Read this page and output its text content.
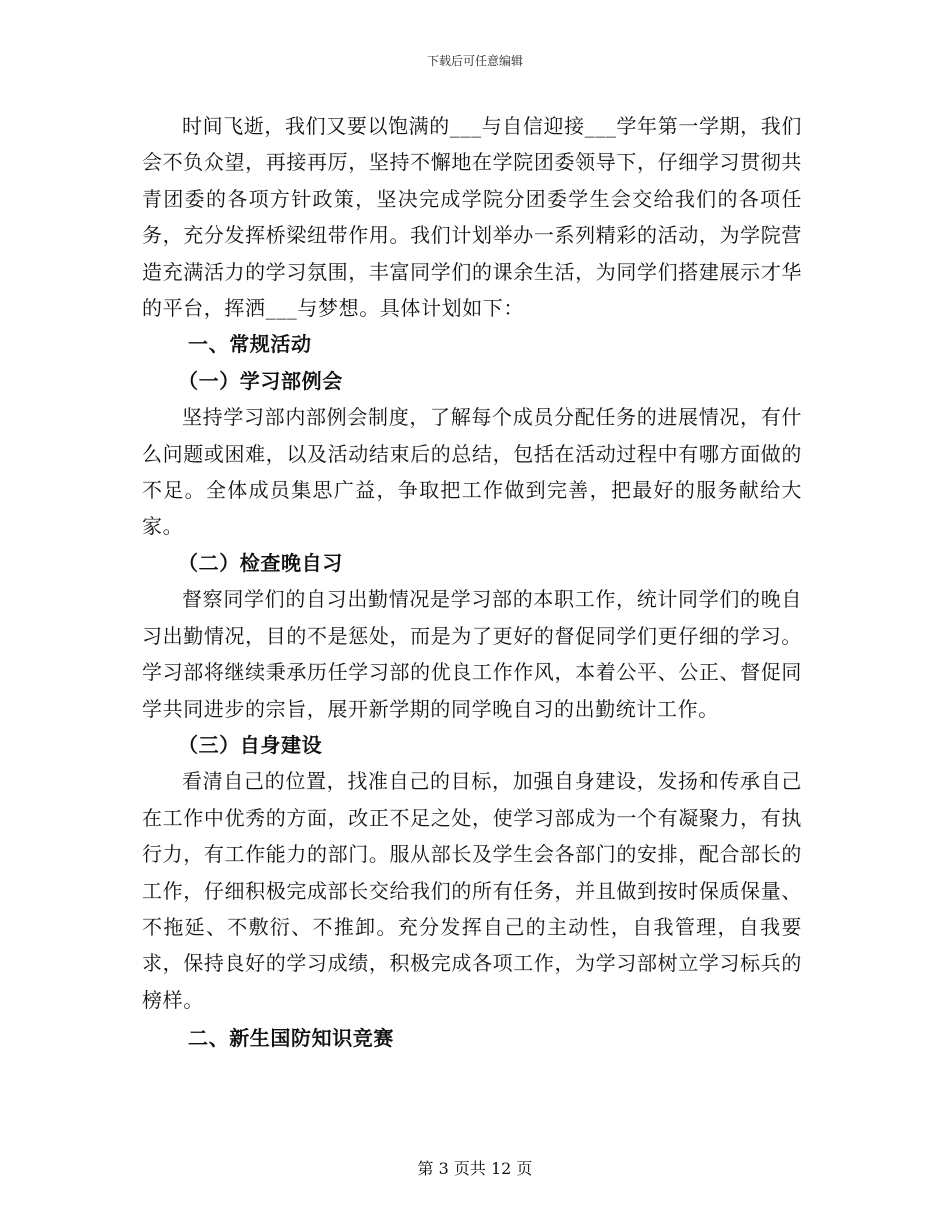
下载后可任意编辑

时间飞逝，我们又要以饱满的___与自信迎接___学年第一学期，我们会不负众望，再接再厉，坚持不懈地在学院团委领导下，仔细学习贯彻共青团委的各项方针政策，坚决完成学院分团委学生会交给我们的各项任务，充分发挥桥梁纽带作用。我们计划举办一系列精彩的活动，为学院营造充满活力的学习氛围，丰富同学们的课余生活，为同学们搭建展示才华的平台，挥洒___与梦想。具体计划如下：

一、常规活动

（一）学习部例会

坚持学习部内部例会制度，了解每个成员分配任务的进展情况，有什么问题或困难，以及活动结束后的总结，包括在活动过程中有哪方面做的不足。全体成员集思广益，争取把工作做到完善，把最好的服务献给大家。

（二）检查晚自习

督察同学们的自习出勤情况是学习部的本职工作，统计同学们的晚自习出勤情况，目的不是惩处，而是为了更好的督促同学们更仔细的学习。学习部将继续秉承历任学习部的优良工作作风，本着公平、公正、督促同学共同进步的宗旨，展开新学期的同学晚自习的出勤统计工作。

（三）自身建设

看清自己的位置，找准自己的目标，加强自身建设，发扬和传承自己在工作中优秀的方面，改正不足之处，使学习部成为一个有凝聚力，有执行力，有工作能力的部门。服从部长及学生会各部门的安排，配合部长的工作，仔细积极完成部长交给我们的所有任务，并且做到按时保质保量、不拖延、不敷衍、不推卸。充分发挥自己的主动性，自我管理，自我要求，保持良好的学习成绩，积极完成各项工作，为学习部树立学习标兵的榜样。

二、新生国防知识竞赛

第 3 页共 12 页
